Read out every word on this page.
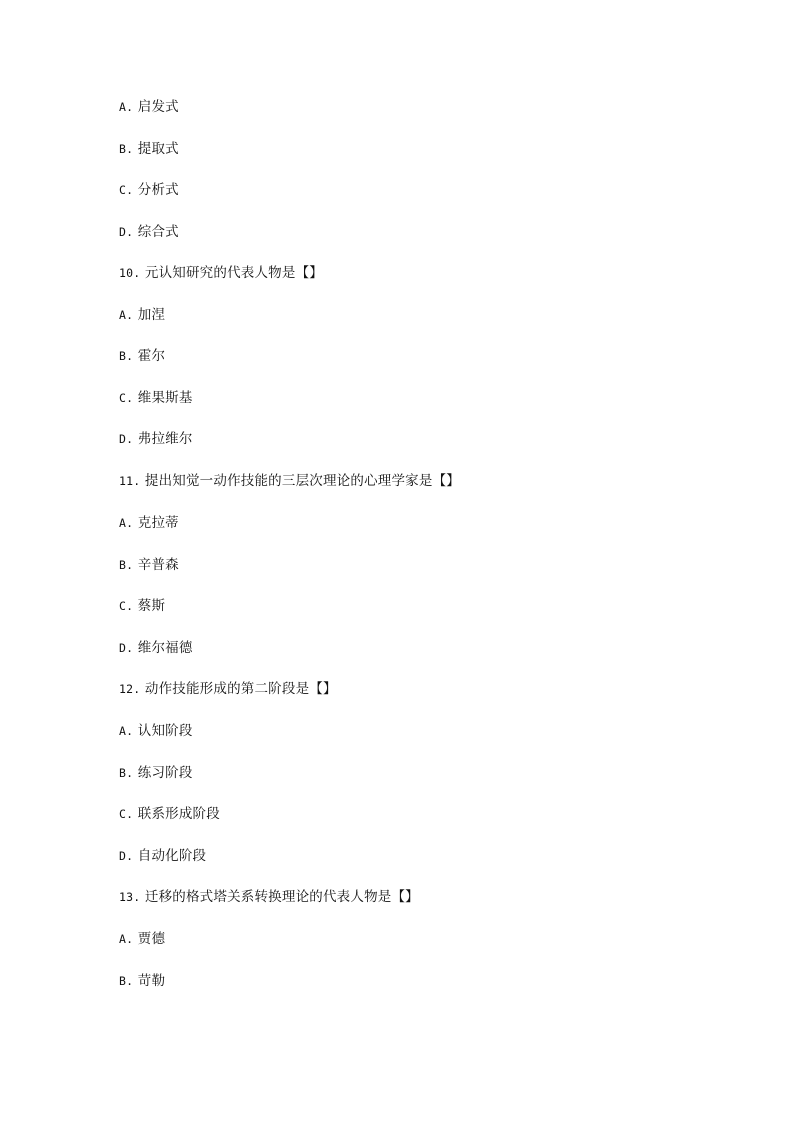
A. 启发式
B. 提取式
C. 分析式
D. 综合式
10. 元认知研究的代表人物是【】
A. 加涅
B. 霍尔
C. 维果斯基
D. 弗拉维尔
11. 提出知觉一动作技能的三层次理论的心理学家是【】
A. 克拉蒂
B. 辛普森
C. 蔡斯
D. 维尔福德
12. 动作技能形成的第二阶段是【】
A. 认知阶段
B. 练习阶段
C. 联系形成阶段
D. 自动化阶段
13. 迁移的格式塔关系转换理论的代表人物是【】
A. 贾德
B. 苛勒
